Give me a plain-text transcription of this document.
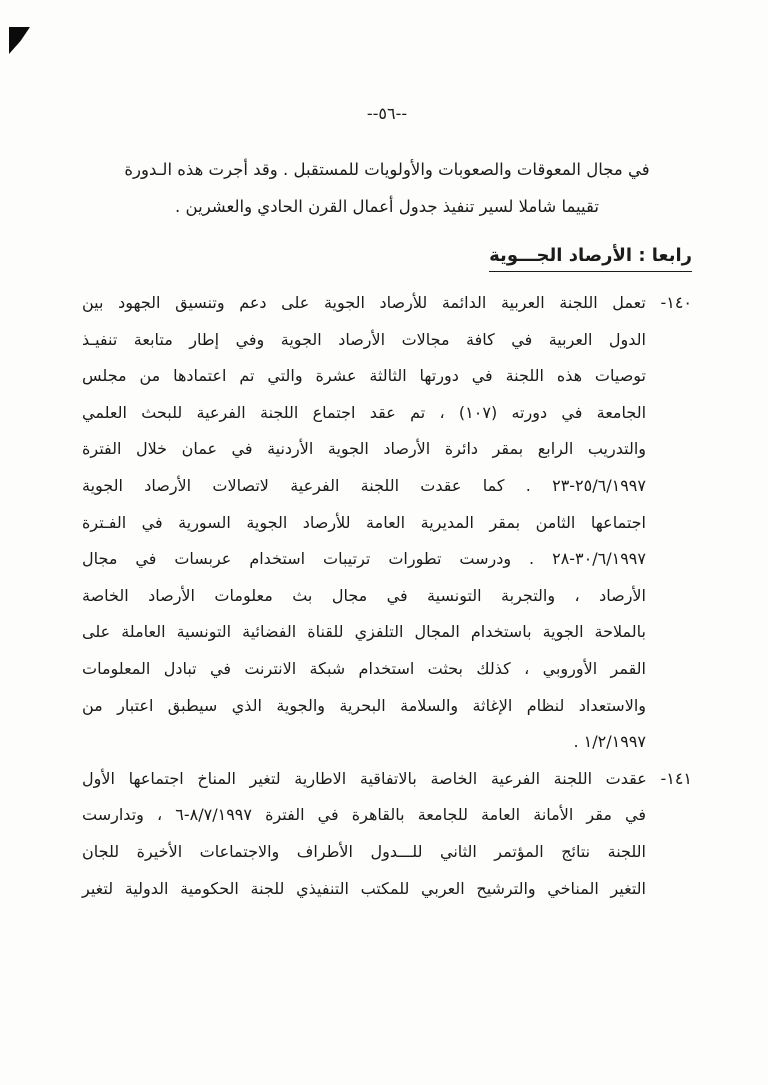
--٥٦--
في مجال المعوقات والصعوبات والأولويات للمستقبل . وقد أجرت هذه الـدورة
تقييما شاملا لسير تنفيذ جدول أعمال القرن الحادي والعشرين .
رابعا : الأرصاد الجـــوية
١٤٠- تعمل اللجنة العربية الدائمة للأرصاد الجوية على دعم وتنسيق الجهود بين
الدول العربية في كافة مجالات الأرصاد الجوية وفي إطار متابعة تنفيـذ
توصيات هذه اللجنة في دورتها الثالثة عشرة والتي تم اعتمادها من مجلس
الجامعة في دورته (١٠٧) ، تم عقد اجتماع اللجنة الفرعية للبحث العلمي
والتدريب الرابع بمقر دائرة الأرصاد الجوية الأردنية في عمان خلال الفترة
‭٢٣-٢٥/٦/١٩٩٧‬ . كما عقدت اللجنة الفرعية لاتصالات الأرصاد الجوية
اجتماعها الثامن بمقر المديرية العامة للأرصاد الجوية السورية في الفـترة
‭٢٨-٣٠/٦/١٩٩٧‬ . ودرست تطورات ترتيبات استخدام عربسات في مجال
الأرصاد ، والتجربة التونسية في مجال بث معلومات الأرصاد الخاصة
بالملاحة الجوية باستخدام المجال التلفزي للقناة الفضائية التونسية العاملة على
القمر الأوروبي ، كذلك بحثت استخدام شبكة الانترنت في تبادل المعلومات
والاستعداد لنظام الإغاثة والسلامة البحرية والجوية الذي سيطبق اعتبار من
١/٢/١٩٩٧ .
١٤١- عقدت اللجنة الفرعية الخاصة بالاتفاقية الاطارية لتغير المناخ اجتماعها الأول
في مقر الأمانة العامة للجامعة بالقاهرة في الفترة ‭٦-٨/٧/١٩٩٧‬ ، وتدارست
اللجنة نتائج المؤتمر الثاني للـــدول الأطراف والاجتماعات الأخيرة للجان
التغير المناخي والترشيح العربي للمكتب التنفيذي للجنة الحكومية الدولية لتغير
